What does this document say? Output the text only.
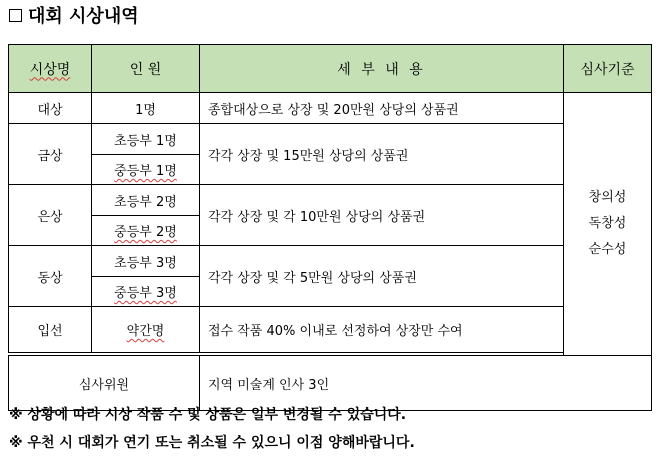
대회 시상내역
시상명	인 원	세 부 내 용	심사기준
대상	1명	종합대상으로 상장 및 20만원 상당의 상품권	창의성
독창성
순수성

금상	초등부 1명	각각 상장 및 15만원 상당의 상품권	
	중등부 1명		
은상	초등부 2명	각각 상장 및 각 10만원 상당의 상품권	
	중등부 2명		
동상	초등부 3명	각각 상장 및 각 5만원 상당의 상품권	
	중등부 3명		
입선	약간명	접수 작품 40% 이내로 선정하여 상장만 수여	

심사위원		지역 미술계 인사 3인	
※ 상황에 따라 시상 작품 수 및 상품은 일부 변경될 수 있습니다.
※ 우천 시 대회가 연기 또는 취소될 수 있으니 이점 양해바랍니다.
